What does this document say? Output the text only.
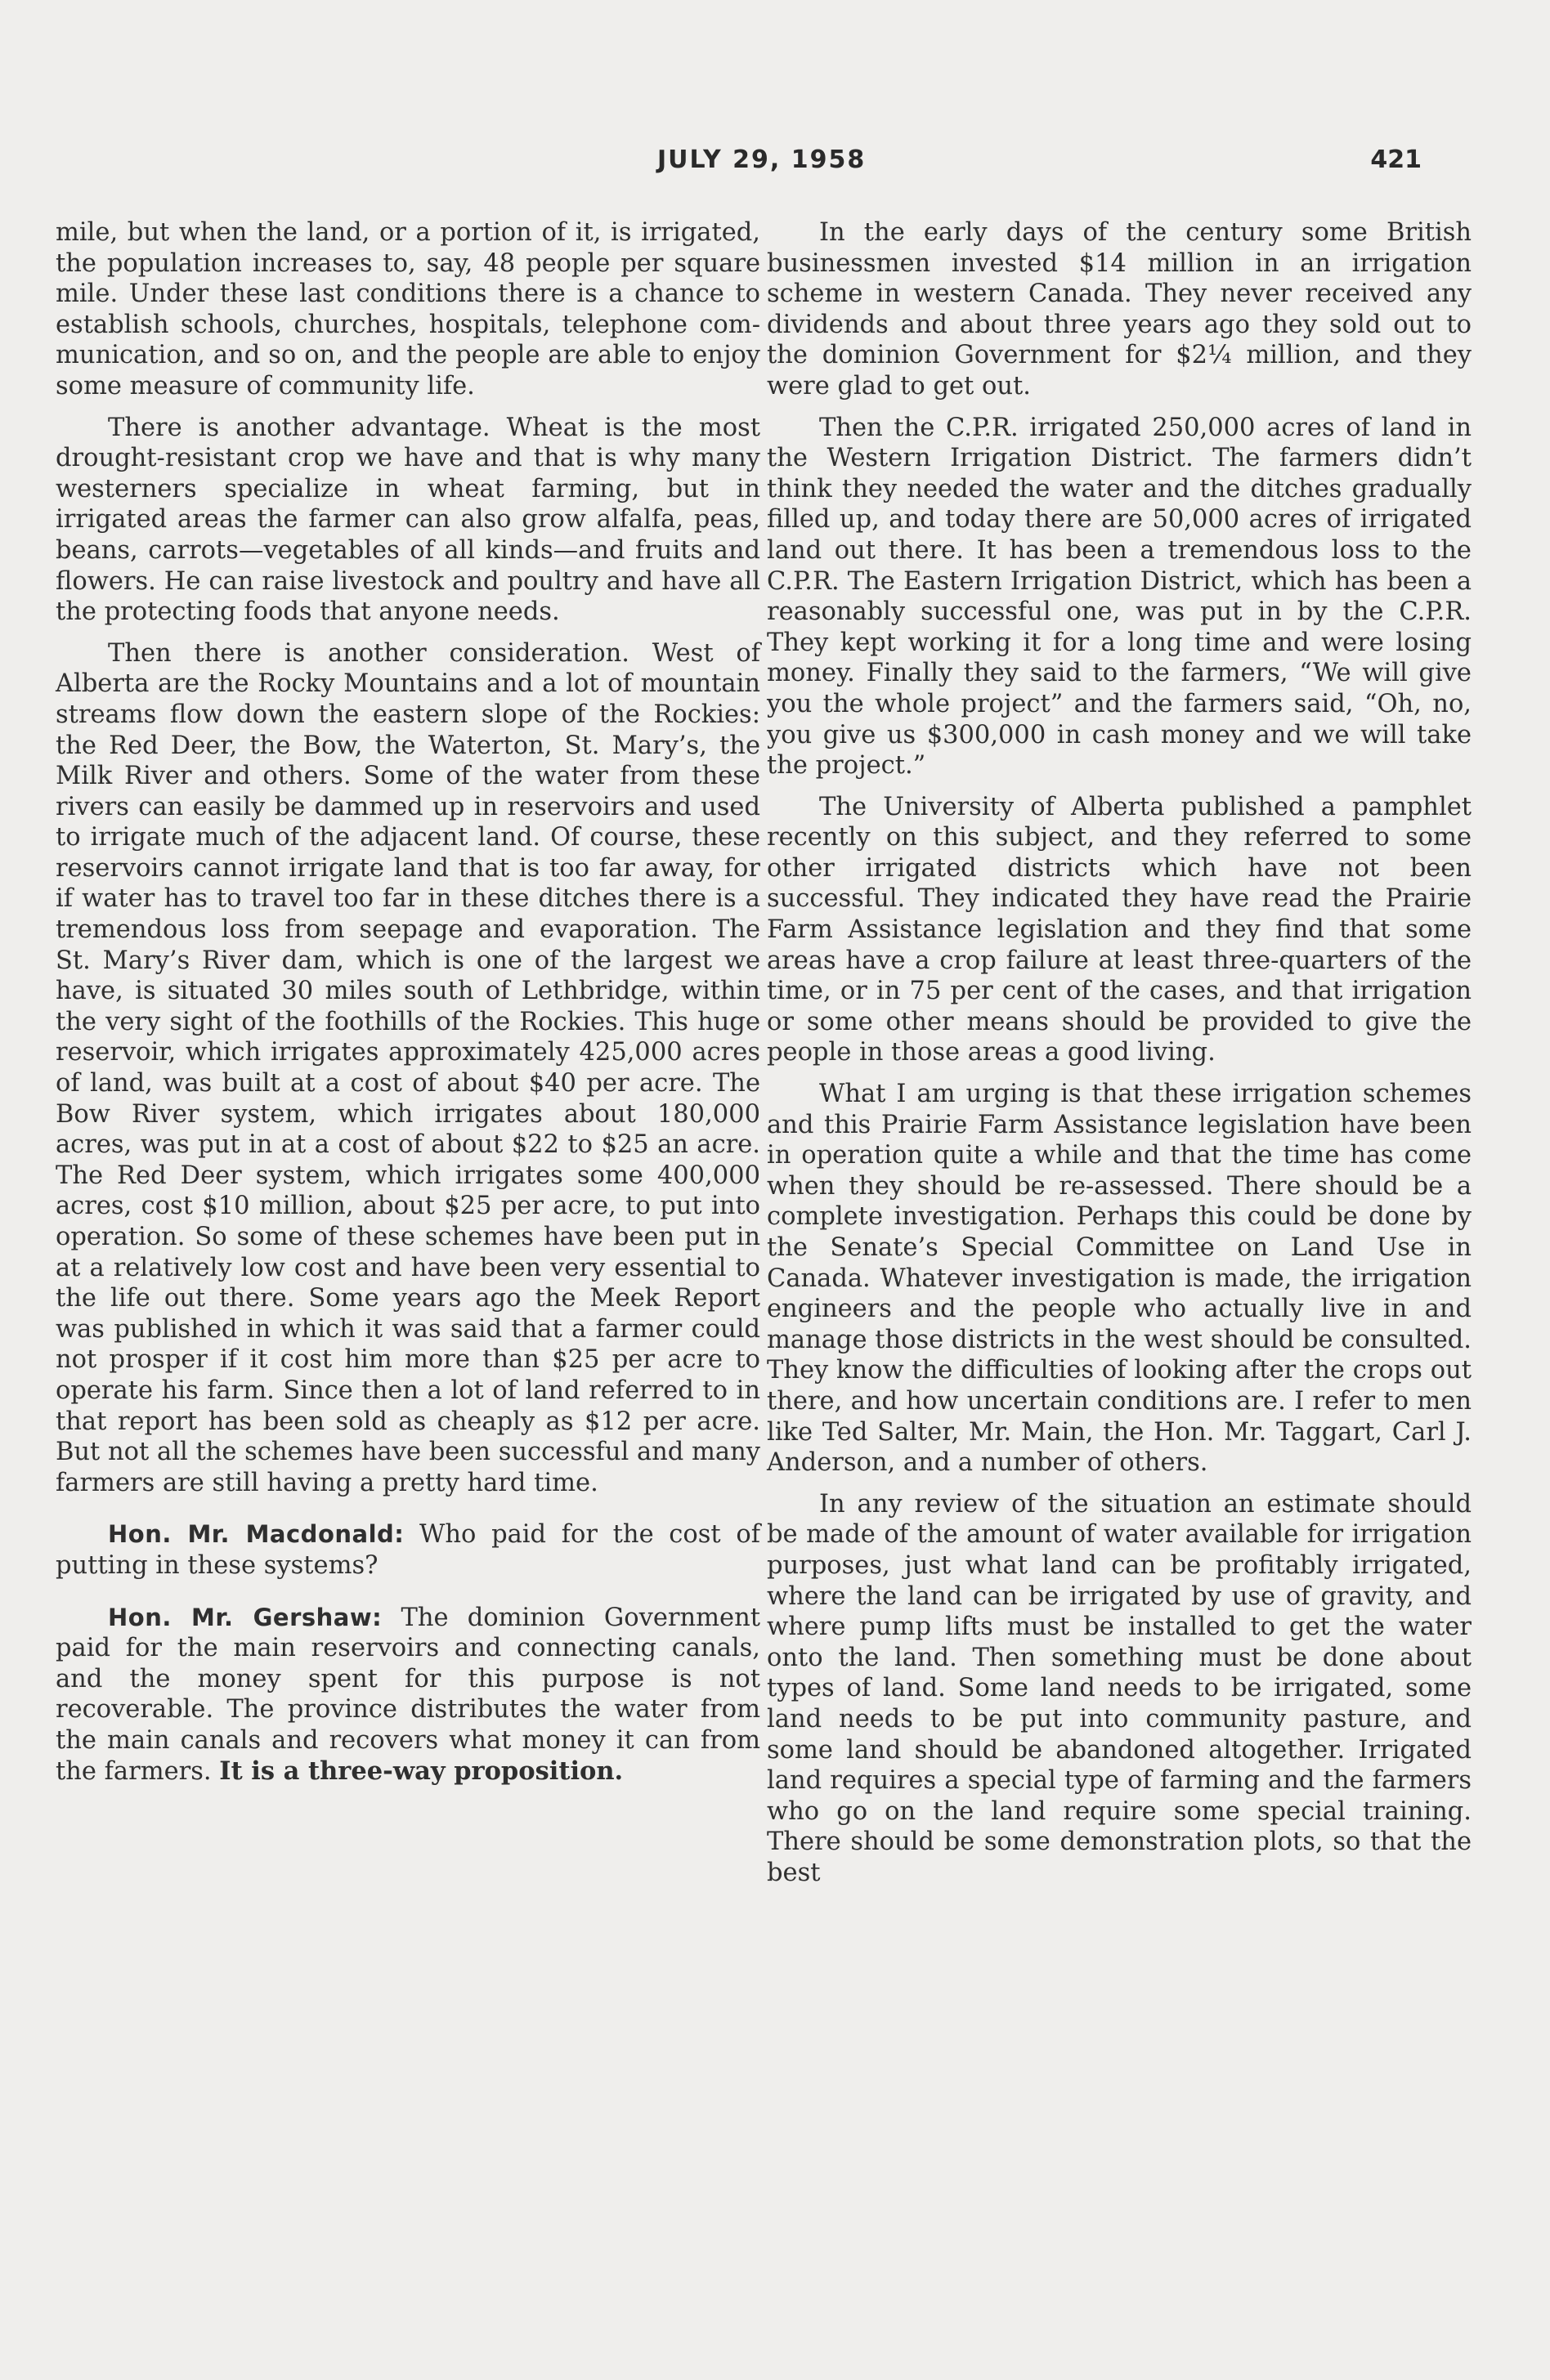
JULY 29, 1958	421

mile, but when the land, or a portion of it, is irrigated, the population increases to, say, 48 people per square mile. Under these last conditions there is a chance to establish schools, churches, hospitals, telephone communication, and so on, and the people are able to enjoy some measure of community life.

There is another advantage. Wheat is the most drought-resistant crop we have and that is why many westerners specialize in wheat farming, but in irrigated areas the farmer can also grow alfalfa, peas, beans, carrots—vegetables of all kinds—and fruits and flowers. He can raise livestock and poultry and have all the protecting foods that anyone needs.

Then there is another consideration. West of Alberta are the Rocky Mountains and a lot of mountain streams flow down the eastern slope of the Rockies: the Red Deer, the Bow, the Waterton, St. Mary’s, the Milk River and others. Some of the water from these rivers can easily be dammed up in reservoirs and used to irrigate much of the adjacent land. Of course, these reservoirs cannot irrigate land that is too far away, for if water has to travel too far in these ditches there is a tremendous loss from seepage and evaporation. The St. Mary’s River dam, which is one of the largest we have, is situated 30 miles south of Lethbridge, within the very sight of the foothills of the Rockies. This huge reservoir, which irrigates approximately 425,000 acres of land, was built at a cost of about $40 per acre. The Bow River system, which irrigates about 180,000 acres, was put in at a cost of about $22 to $25 an acre. The Red Deer system, which irrigates some 400,000 acres, cost $10 million, about $25 per acre, to put into operation. So some of these schemes have been put in at a relatively low cost and have been very essential to the life out there. Some years ago the Meek Report was published in which it was said that a farmer could not prosper if it cost him more than $25 per acre to operate his farm. Since then a lot of land referred to in that report has been sold as cheaply as $12 per acre. But not all the schemes have been successful and many farmers are still having a pretty hard time.

Hon. Mr. Macdonald: Who paid for the cost of putting in these systems?

Hon. Mr. Gershaw: The dominion Government paid for the main reservoirs and connecting canals, and the money spent for this purpose is not recoverable. The province distributes the water from the main canals and recovers what money it can from the farmers. It is a three-way proposition.

In the early days of the century some British businessmen invested $14 million in an irrigation scheme in western Canada. They never received any dividends and about three years ago they sold out to the dominion Government for $2¼ million, and they were glad to get out.

Then the C.P.R. irrigated 250,000 acres of land in the Western Irrigation District. The farmers didn’t think they needed the water and the ditches gradually filled up, and today there are 50,000 acres of irrigated land out there. It has been a tremendous loss to the C.P.R. The Eastern Irrigation District, which has been a reasonably successful one, was put in by the C.P.R. They kept working it for a long time and were losing money. Finally they said to the farmers, “We will give you the whole project” and the farmers said, “Oh, no, you give us $300,000 in cash money and we will take the project.”

The University of Alberta published a pamphlet recently on this subject, and they referred to some other irrigated districts which have not been successful. They indicated they have read the Prairie Farm Assistance legislation and they find that some areas have a crop failure at least three-quarters of the time, or in 75 per cent of the cases, and that irrigation or some other means should be provided to give the people in those areas a good living.

What I am urging is that these irrigation schemes and this Prairie Farm Assistance legislation have been in operation quite a while and that the time has come when they should be re-assessed. There should be a complete investigation. Perhaps this could be done by the Senate’s Special Committee on Land Use in Canada. Whatever investigation is made, the irrigation engineers and the people who actually live in and manage those districts in the west should be consulted. They know the difficulties of looking after the crops out there, and how uncertain conditions are. I refer to men like Ted Salter, Mr. Main, the Hon. Mr. Taggart, Carl J. Anderson, and a number of others.

In any review of the situation an estimate should be made of the amount of water available for irrigation purposes, just what land can be profitably irrigated, where the land can be irrigated by use of gravity, and where pump lifts must be installed to get the water onto the land. Then something must be done about types of land. Some land needs to be irrigated, some land needs to be put into community pasture, and some land should be abandoned altogether. Irrigated land requires a special type of farming and the farmers who go on the land require some special training. There should be some demonstration plots, so that the best
